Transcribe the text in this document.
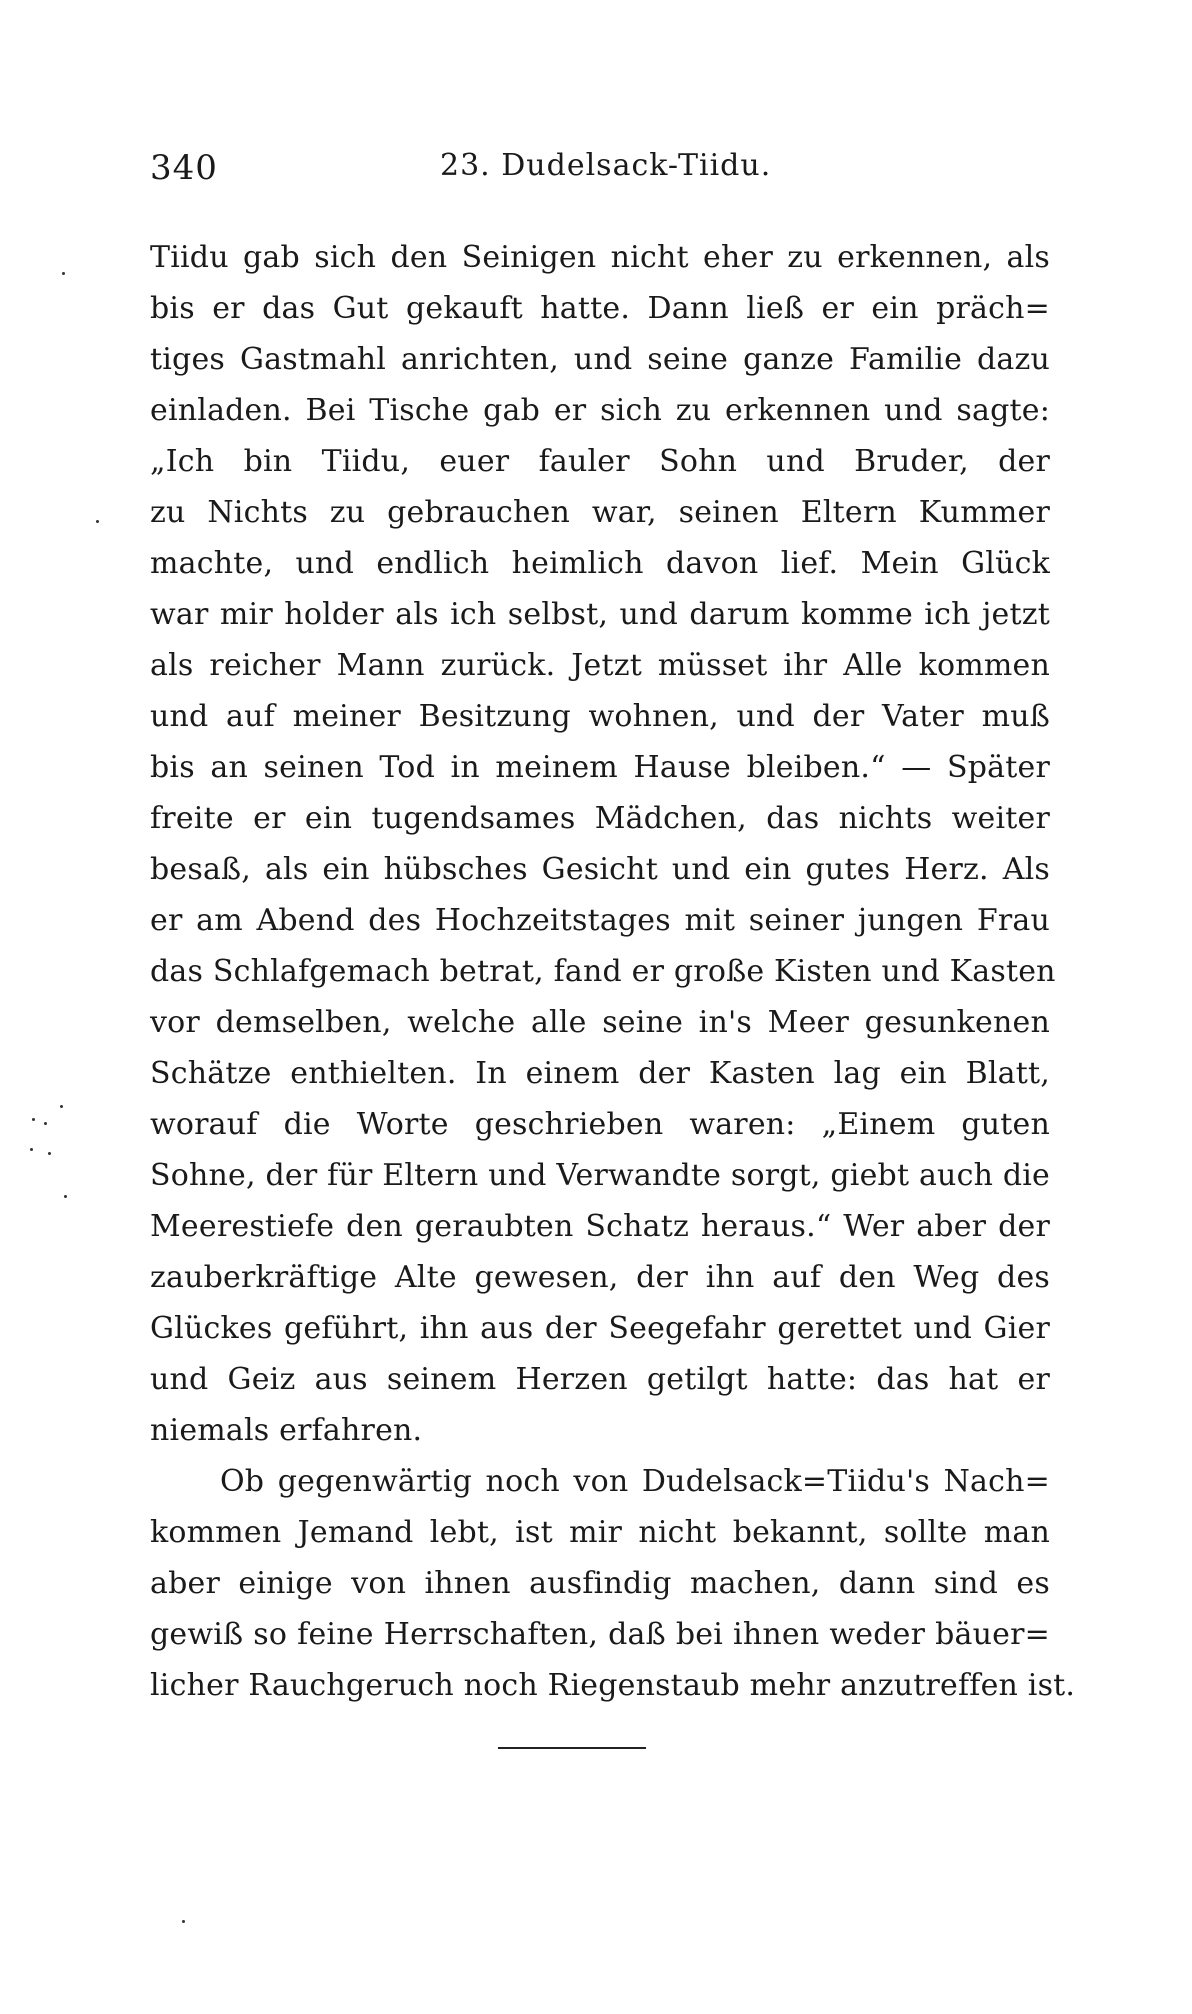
340	23. Dudelsack-Tiidu.
Tiidu gab sich den Seinigen nicht eher zu erkennen, als
bis er das Gut gekauft hatte. Dann ließ er ein präch=
tiges Gastmahl anrichten, und seine ganze Familie dazu
einladen. Bei Tische gab er sich zu erkennen und sagte:
„Ich bin Tiidu, euer fauler Sohn und Bruder, der
zu Nichts zu gebrauchen war, seinen Eltern Kummer
machte, und endlich heimlich davon lief. Mein Glück
war mir holder als ich selbst, und darum komme ich jetzt
als reicher Mann zurück. Jetzt müsset ihr Alle kommen
und auf meiner Besitzung wohnen, und der Vater muß
bis an seinen Tod in meinem Hause bleiben.“ — Später
freite er ein tugendsames Mädchen, das nichts weiter
besaß, als ein hübsches Gesicht und ein gutes Herz. Als
er am Abend des Hochzeitstages mit seiner jungen Frau
das Schlafgemach betrat, fand er große Kisten und Kasten
vor demselben, welche alle seine in's Meer gesunkenen
Schätze enthielten. In einem der Kasten lag ein Blatt,
worauf die Worte geschrieben waren: „Einem guten
Sohne, der für Eltern und Verwandte sorgt, giebt auch die
Meerestiefe den geraubten Schatz heraus.“ Wer aber der
zauberkräftige Alte gewesen, der ihn auf den Weg des
Glückes geführt, ihn aus der Seegefahr gerettet und Gier
und Geiz aus seinem Herzen getilgt hatte: das hat er
niemals erfahren.
Ob gegenwärtig noch von Dudelsack=Tiidu's Nach=
kommen Jemand lebt, ist mir nicht bekannt, sollte man
aber einige von ihnen ausfindig machen, dann sind es
gewiß so feine Herrschaften, daß bei ihnen weder bäuer=
licher Rauchgeruch noch Riegenstaub mehr anzutreffen ist.
